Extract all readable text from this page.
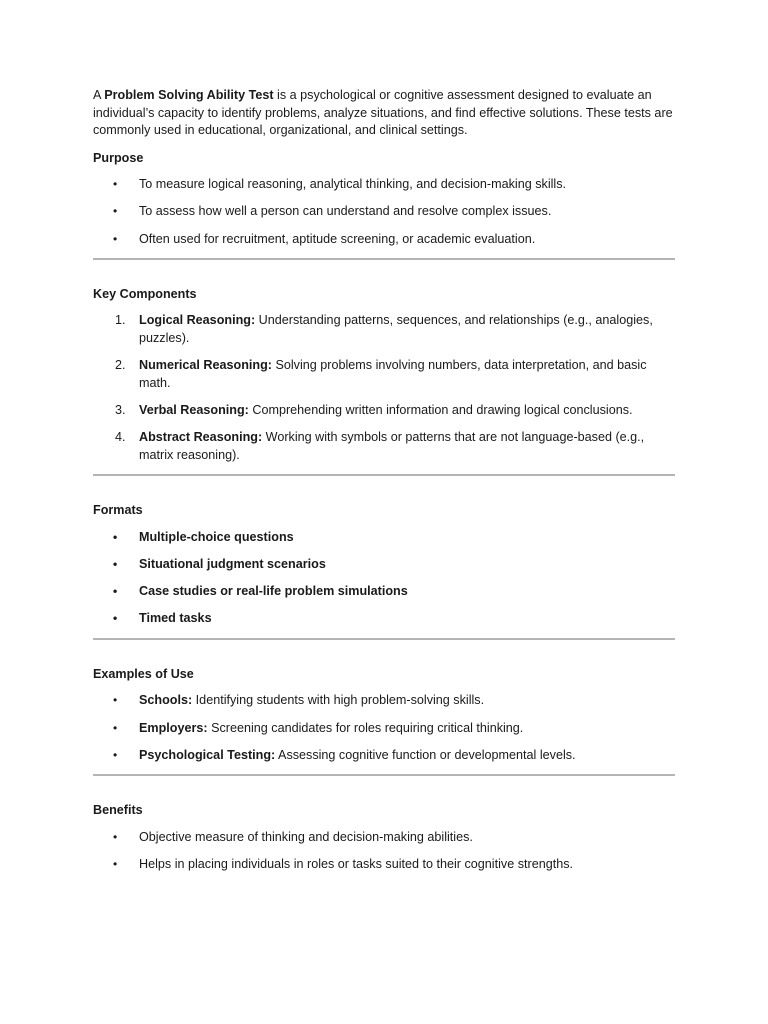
A Problem Solving Ability Test is a psychological or cognitive assessment designed to evaluate an individual’s capacity to identify problems, analyze situations, and find effective solutions. These tests are commonly used in educational, organizational, and clinical settings.

Purpose
•	To measure logical reasoning, analytical thinking, and decision-making skills.
•	To assess how well a person can understand and resolve complex issues.
•	Often used for recruitment, aptitude screening, or academic evaluation.
Key Components
1. Logical Reasoning: Understanding patterns, sequences, and relationships (e.g., analogies, puzzles).
2. Numerical Reasoning: Solving problems involving numbers, data interpretation, and basic math.
3. Verbal Reasoning: Comprehending written information and drawing logical conclusions.
4. Abstract Reasoning: Working with symbols or patterns that are not language-based (e.g., matrix reasoning).
Formats
•	Multiple-choice questions
•	Situational judgment scenarios
•	Case studies or real-life problem simulations
•	Timed tasks
Examples of Use
•	Schools: Identifying students with high problem-solving skills.
•	Employers: Screening candidates for roles requiring critical thinking.
•	Psychological Testing: Assessing cognitive function or developmental levels.
Benefits
•	Objective measure of thinking and decision-making abilities.
•	Helps in placing individuals in roles or tasks suited to their cognitive strengths.
